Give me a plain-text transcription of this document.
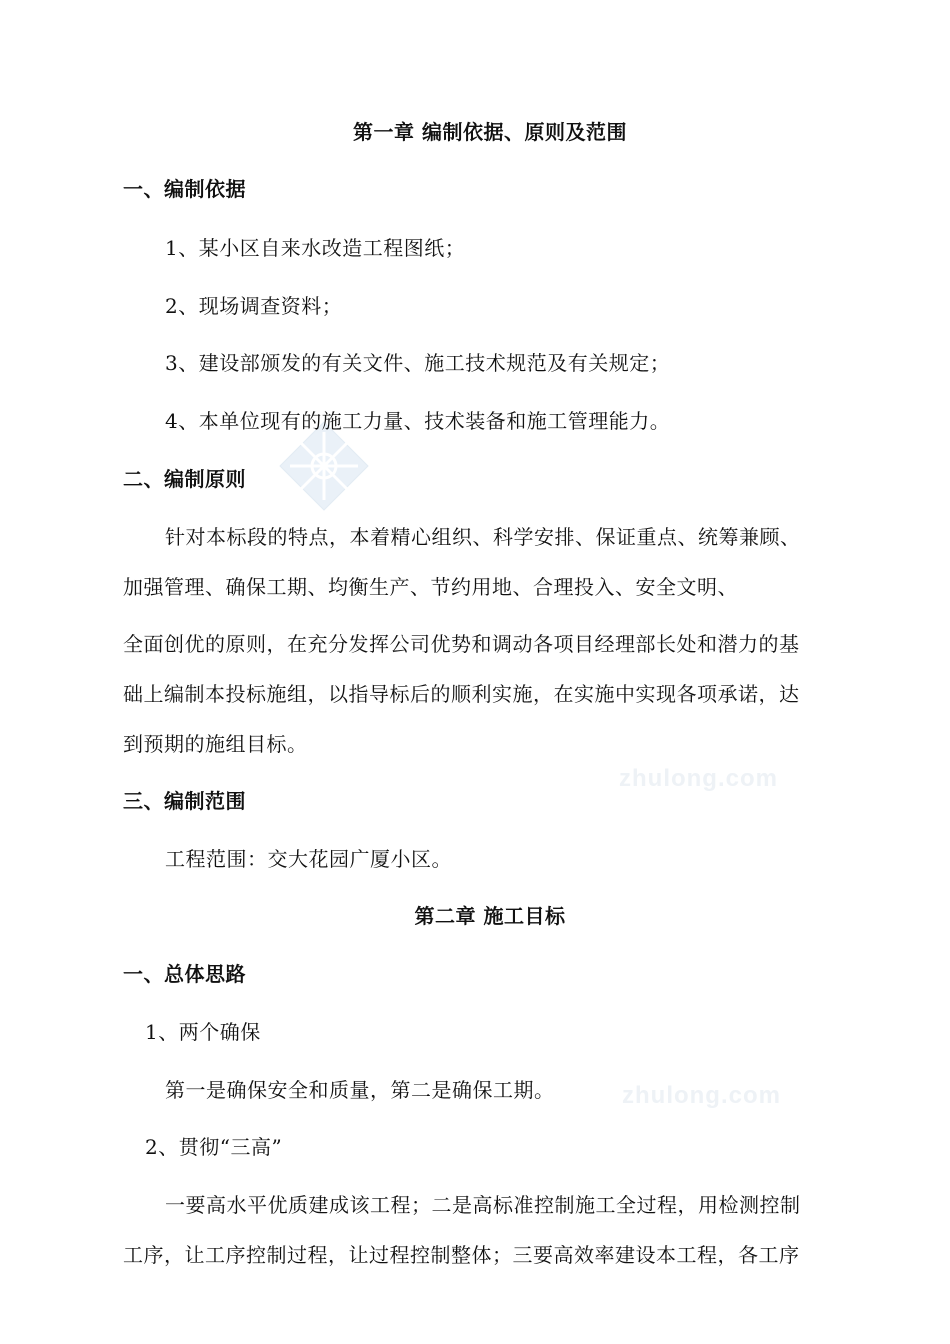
zhulong.com
zhulong.com
第一章 编制依据、原则及范围
一、编制依据
1、某小区自来水改造工程图纸；
2、现场调查资料；
3、建设部颁发的有关文件、施工技术规范及有关规定；
4、本单位现有的施工力量、技术装备和施工管理能力。
二、编制原则
针对本标段的特点，本着精心组织、科学安排、保证重点、统筹兼顾、
加强管理、确保工期、均衡生产、节约用地、合理投入、安全文明、
全面创优的原则，在充分发挥公司优势和调动各项目经理部长处和潜力的基
础上编制本投标施组，以指导标后的顺利实施，在实施中实现各项承诺，达
到预期的施组目标。
三、编制范围
工程范围：交大花园广厦小区。
第二章 施工目标
一、总体思路
1、两个确保
第一是确保安全和质量，第二是确保工期。
2、贯彻“三高”
一要高水平优质建成该工程；二是高标准控制施工全过程，用检测控制
工序，让工序控制过程，让过程控制整体；三要高效率建设本工程，各工序
